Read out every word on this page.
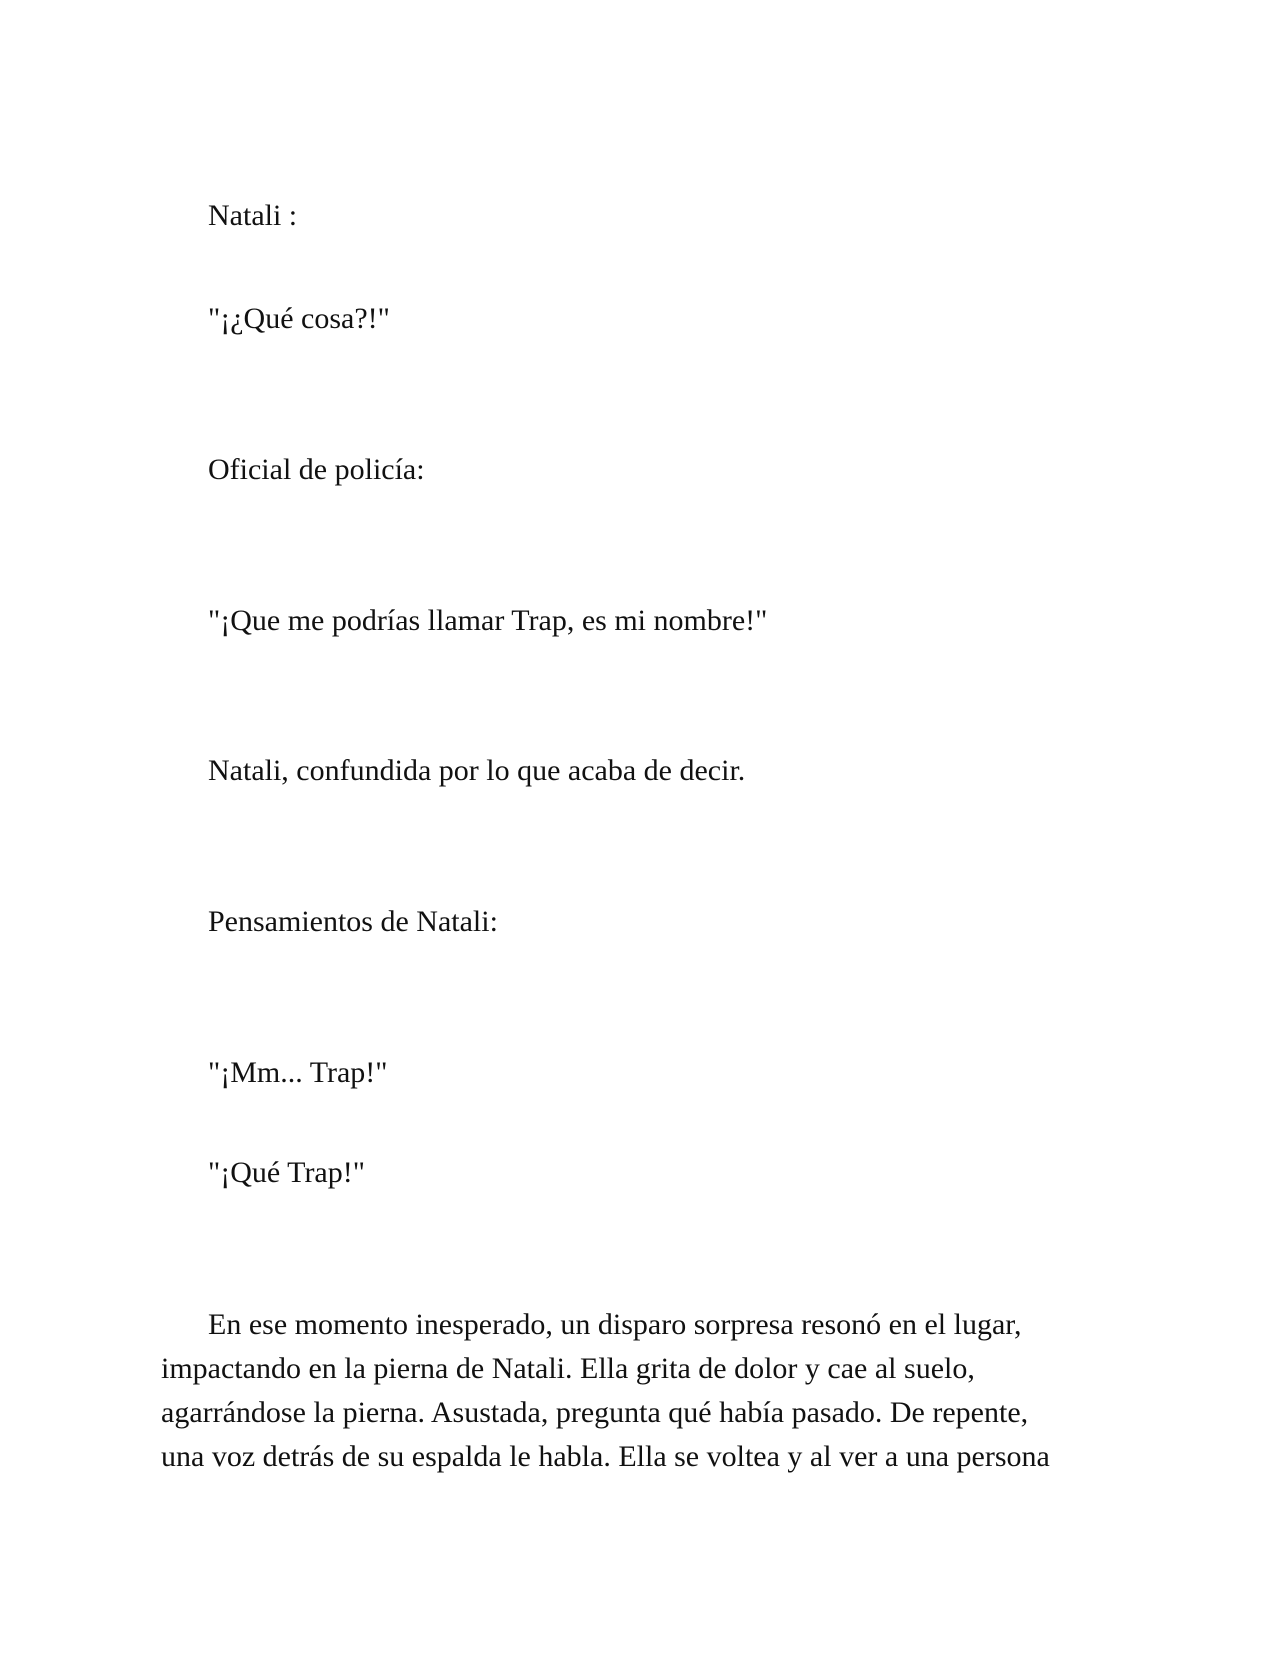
Natali :

"¡¿Qué cosa?!"

Oficial de policía:

"¡Que me podrías llamar Trap, es mi nombre!"

Natali, confundida por lo que acaba de decir.

Pensamientos de Natali:

"¡Mm... Trap!"

"¡Qué Trap!"

En ese momento inesperado, un disparo sorpresa resonó en el lugar,
impactando en la pierna de Natali. Ella grita de dolor y cae al suelo,
agarrándose la pierna. Asustada, pregunta qué había pasado. De repente,
una voz detrás de su espalda le habla. Ella se voltea y al ver a una persona
